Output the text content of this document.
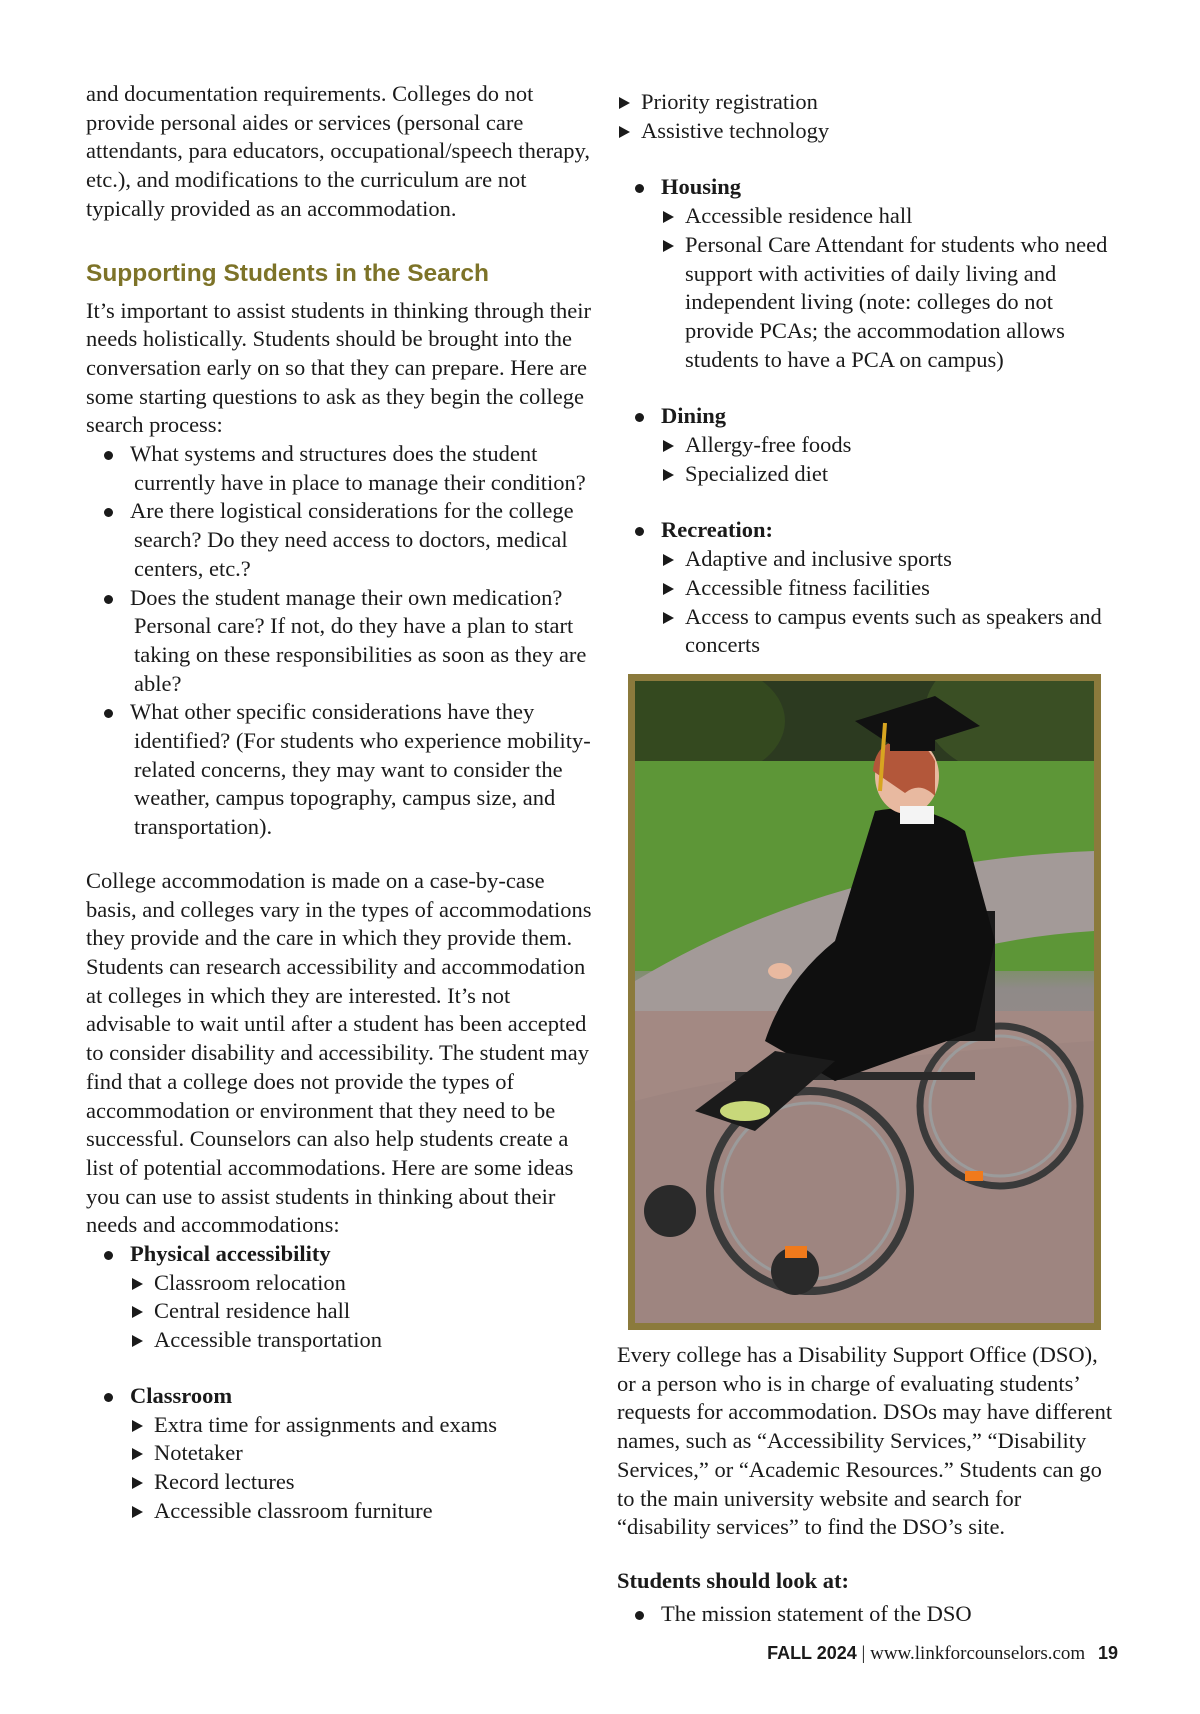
and documentation requirements. Colleges do not provide personal aides or services (personal care attendants, para educators, occupational/speech therapy, etc.), and modifications to the curriculum are not typically provided as an accommodation.

Supporting Students in the Search

It’s important to assist students in thinking through their needs holistically. Students should be brought into the conversation early on so that they can prepare. Here are some starting questions to ask as they begin the college search process:

What systems and structures does the student currently have in place to manage their condition?
Are there logistical considerations for the college search? Do they need access to doctors, medical centers, etc.?
Does the student manage their own medication? Personal care? If not, do they have a plan to start taking on these responsibilities as soon as they are able?
What other specific considerations have they identified? (For students who experience mobility-related concerns, they may want to consider the weather, campus topography, campus size, and transportation).

College accommodation is made on a case-by-case basis, and colleges vary in the types of accommodations they provide and the care in which they provide them. Students can research accessibility and accommodation at colleges in which they are interested. It’s not advisable to wait until after a student has been accepted to consider disability and accessibility. The student may find that a college does not provide the types of accommodation or environment that they need to be successful. Counselors can also help students create a list of potential accommodations. Here are some ideas you can use to assist students in thinking about their needs and accommodations:

Physical accessibility
Classroom relocation
Central residence hall
Accessible transportation
Classroom
Extra time for assignments and exams
Notetaker
Record lectures
Accessible classroom furniture
Priority registration
Assistive technology
Housing
Accessible residence hall
Personal Care Attendant for students who need support with activities of daily living and independent living (note: colleges do not provide PCAs; the accommodation allows students to have a PCA on campus)
Dining
Allergy-free foods
Specialized diet
Recreation:
Adaptive and inclusive sports
Accessible fitness facilities
Access to campus events such as speakers and concerts

Every college has a Disability Support Office (DSO), or a person who is in charge of evaluating students’ requests for accommodation. DSOs may have different names, such as “Accessibility Services,” “Disability Services,” or “Academic Resources.” Students can go to the main university website and search for “disability services” to find the DSO’s site.

Students should look at:

The mission statement of the DSO
FALL 2024 | www.linkforcounselors.com 19
